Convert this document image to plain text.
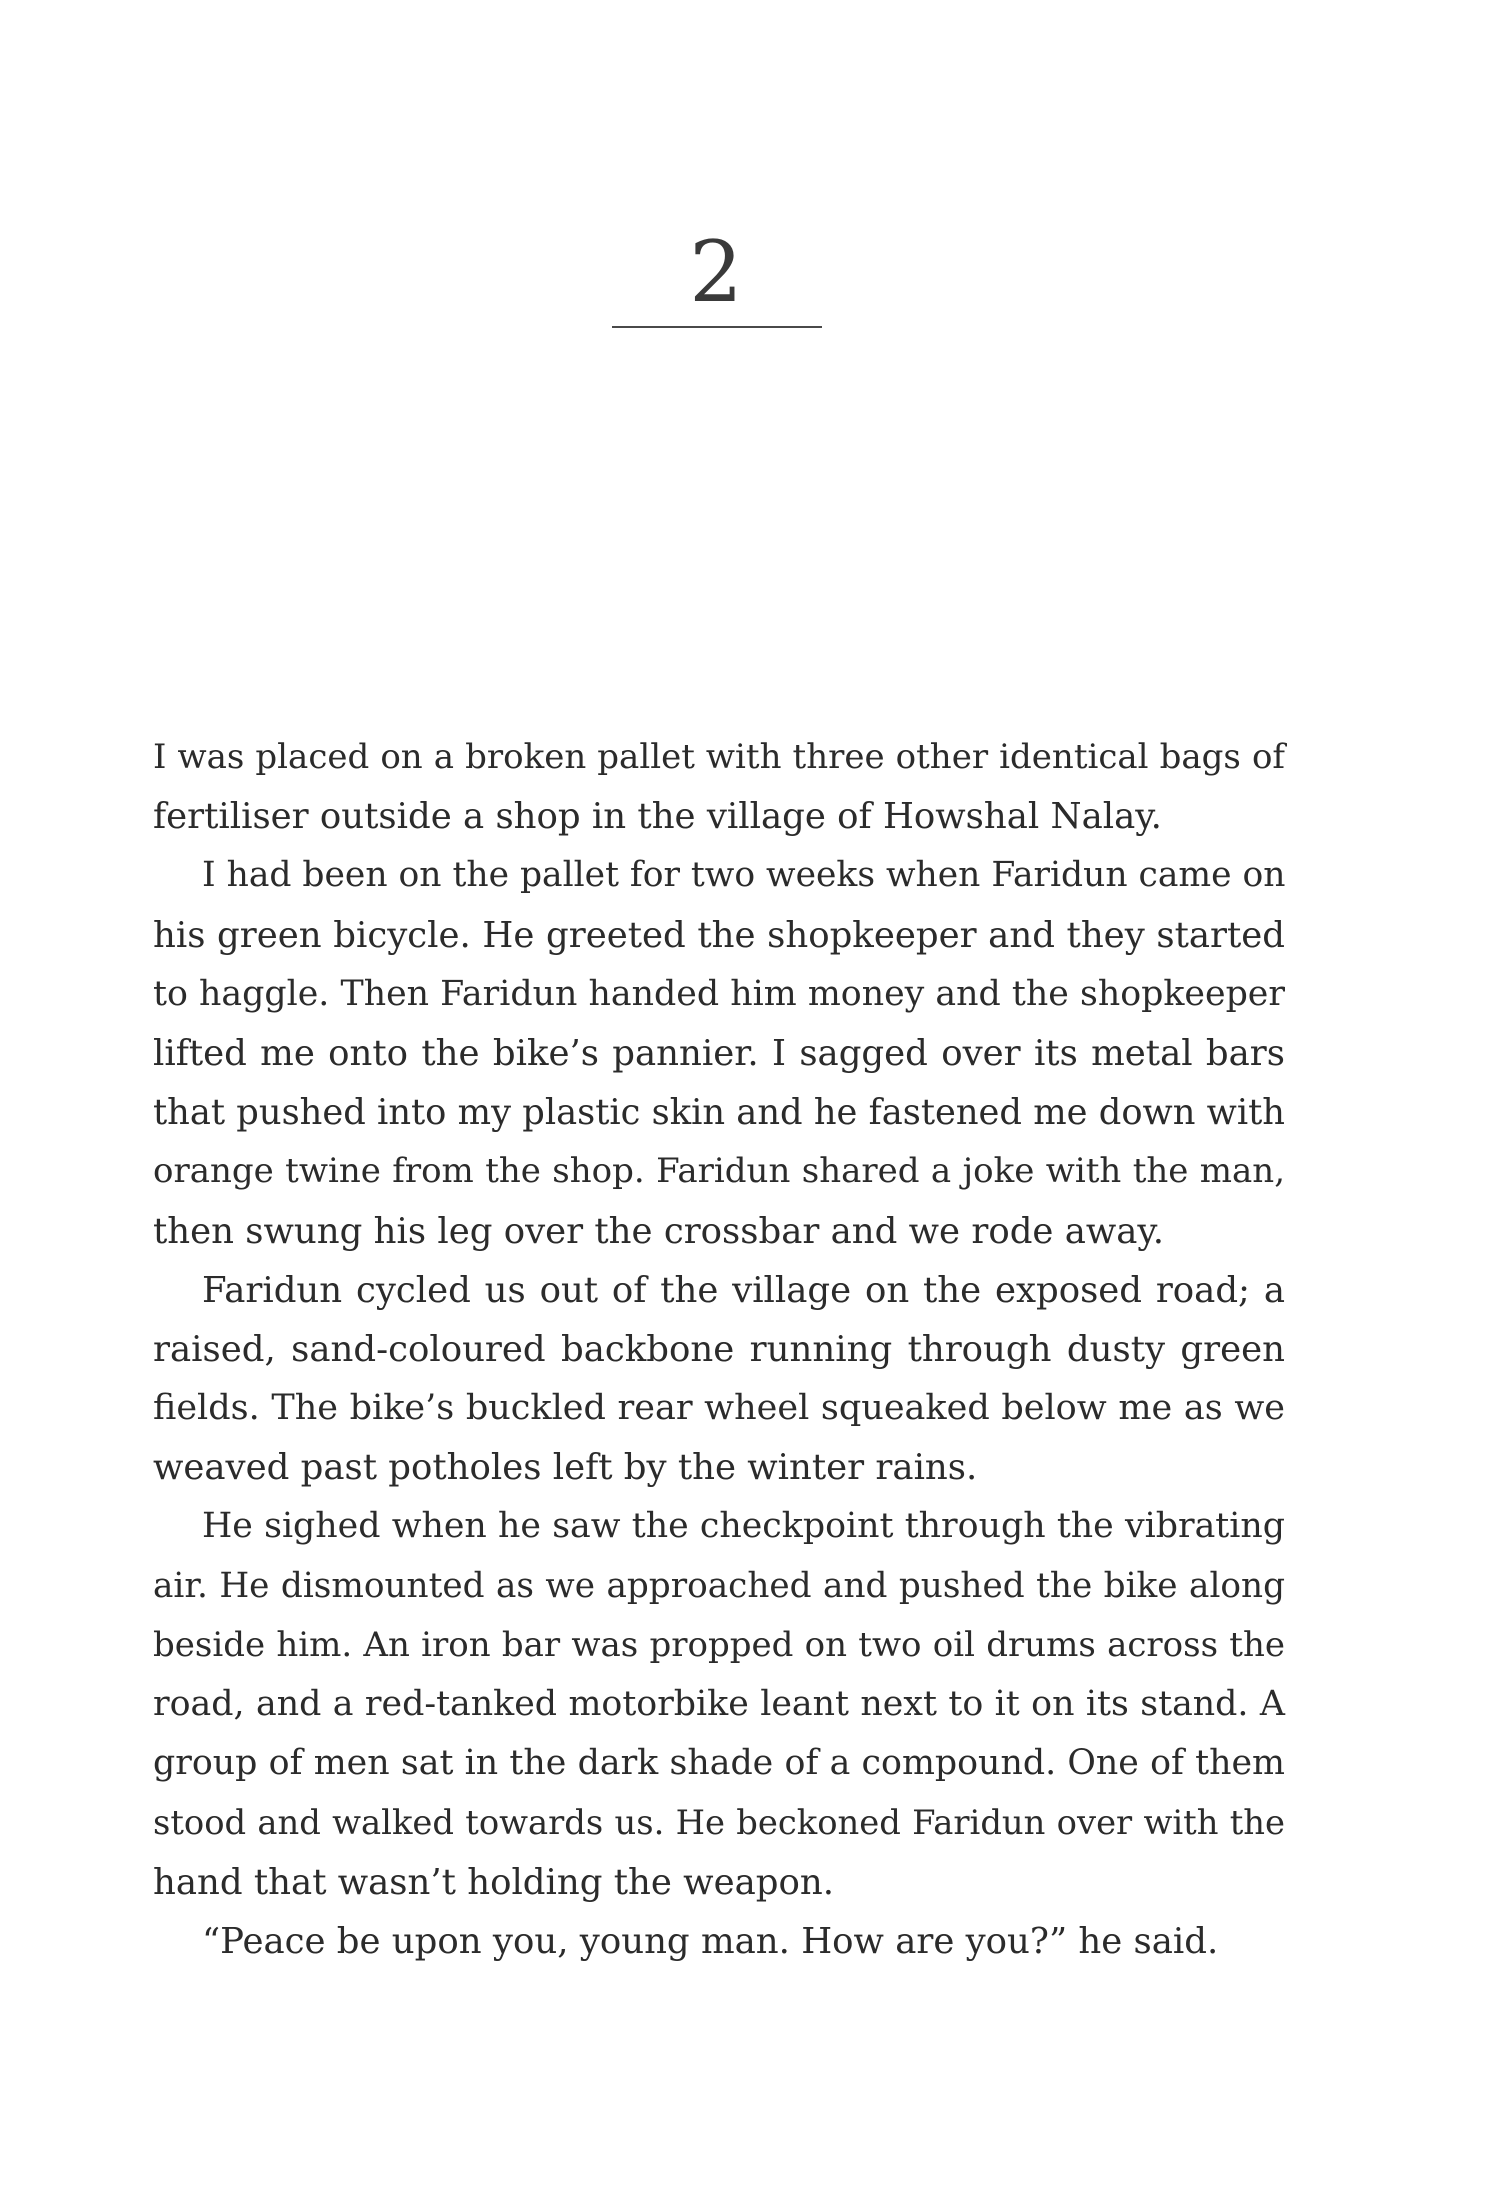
2
I was placed on a broken pallet with three other identical bags of
fertiliser outside a shop in the village of Howshal Nalay.
I had been on the pallet for two weeks when Faridun came on
his green bicycle. He greeted the shopkeeper and they started
to haggle. Then Faridun handed him money and the shopkeeper
lifted me onto the bike’s pannier. I sagged over its metal bars
that pushed into my plastic skin and he fastened me down with
orange twine from the shop. Faridun shared a joke with the man,
then swung his leg over the crossbar and we rode away.
Faridun cycled us out of the village on the exposed road; a
raised, sand-coloured backbone running through dusty green
fields. The bike’s buckled rear wheel squeaked below me as we
weaved past potholes left by the winter rains.
He sighed when he saw the checkpoint through the vibrating
air. He dismounted as we approached and pushed the bike along
beside him. An iron bar was propped on two oil drums across the
road, and a red-tanked motorbike leant next to it on its stand. A
group of men sat in the dark shade of a compound. One of them
stood and walked towards us. He beckoned Faridun over with the
hand that wasn’t holding the weapon.
“Peace be upon you, young man. How are you?” he said.
